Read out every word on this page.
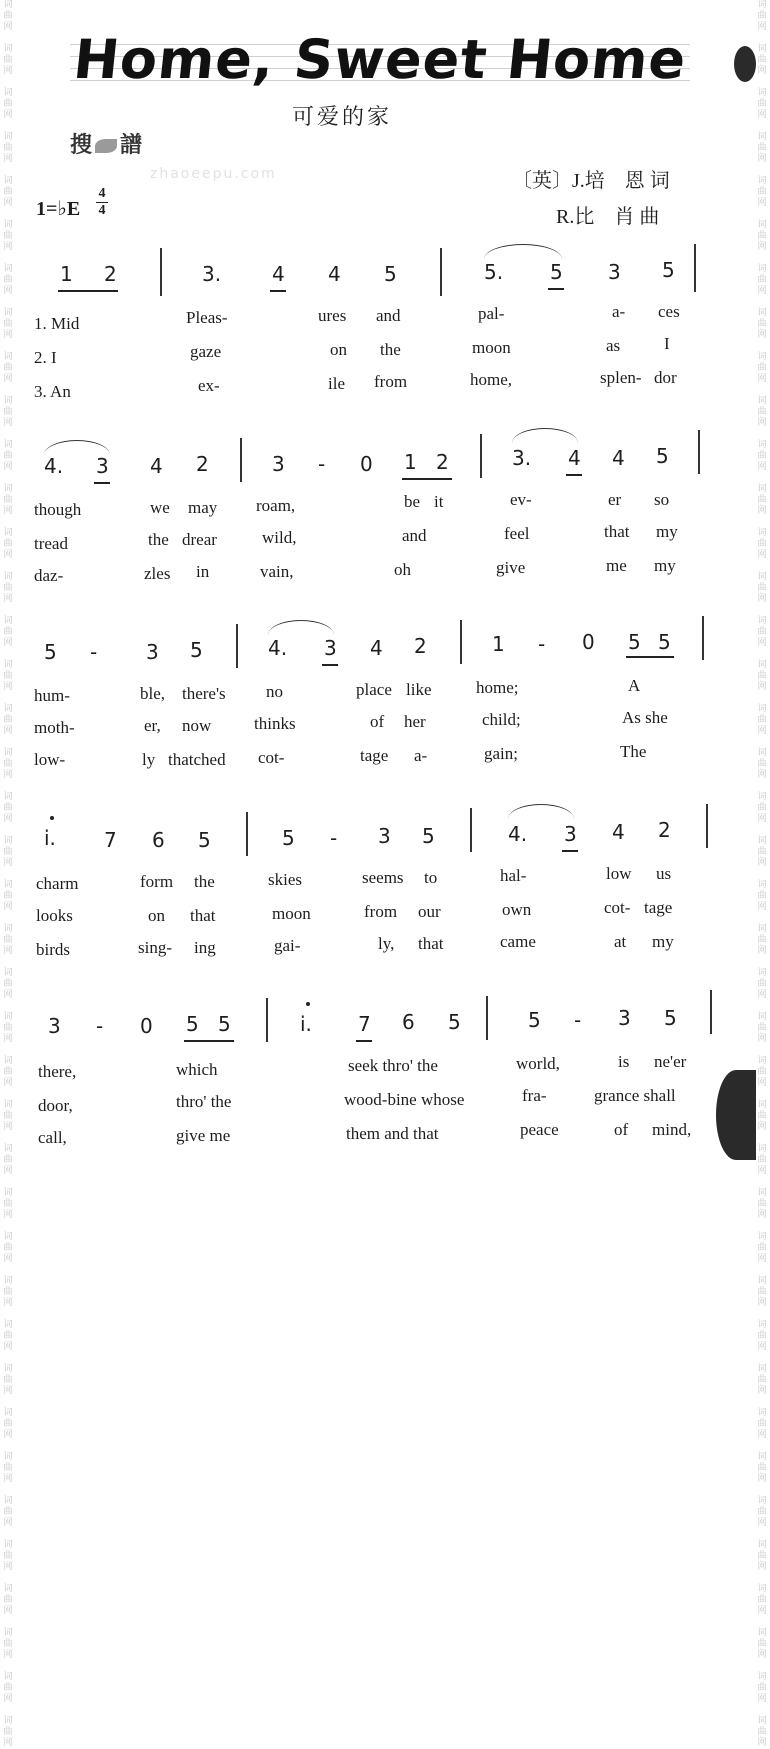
词
曲
网

词
曲
网

词
曲
网

词
曲
网

词
曲
网

词
曲
网

词
曲
网

词
曲
网

词
曲
网

词
曲
网

词
曲
网

词
曲
网

词
曲
网

词
曲
网

词
曲
网

词
曲
网

词
曲
网

词
曲
网

词
曲
网

词
曲
网

词
曲
网

词
曲
网

词
曲
网

词
曲
网

词
曲
网

词
曲
网

词
曲
网

词
曲
网

词
曲
网

词
曲
网

词
曲
网

词
曲
网

词
曲
网

词
曲
网

词
曲
网

词
曲
网

词
曲
网

词
曲
网

词
曲
网

词
曲
网

词
曲
网

词
曲
网

词
曲
网

词
曲
网

词
曲
网

词
曲
网

词
曲
网

词
曲
网

词
曲
网

词
曲
网

词
曲
网

词
曲
网

词
曲
网

词
曲
网

词
曲
网

词
曲
网

词
曲
网

词
曲
网

词
曲
网

词
曲
网

词
曲
网

词
曲
网

词
曲
网

词
曲
网

词
曲
网

词
曲
网

词
曲
网

词
曲
网

词
曲
网

词
曲
网

词
曲
网

词
曲
网

词
曲
网

词
曲
网

词
曲
网

词
曲
网

词
曲
网

词
曲
网

词
曲
网

词
曲
网

Home, Sweet Home
可爱的家
搜 譜
zhaoeepu.com	〔英〕J.培　恩 词
R.比　肖 曲
1=♭E
4
4
1 2	3.	4 4 5	5. 5 3 5
1. Mid	Pleas-	ures and	pal-	a- ces
2. I	gaze	on the	moon	as	I
3. An	ex-	ile from	home,	splen- dor
4. 3 4 2	3 - 0 1 2	3. 4 4 5
though	we may roam,	be it	ev-	er so
tread	the drear	wild,	and	feel	that my
daz-	zles in	vain,	oh	give	me my
5 - 3 5	4. 3 4 2	1 - 0 5 5
hum-	ble, there's no	place like	home;	A
moth-	er, now	thinks	of her	child;	As she
low-	ly thatched cot-	tage a-	gain;	The
i. 7 6 5	5 - 3 5	4. 3 4 2
charm	form the	skies	seems to	hal-	low us
looks	on that	moon	from our	own	cot- tage
birds	sing- ing	gai-	ly, that	came	at my
3 - 0 5 5	i. 7 6 5	5 - 3 5
there,	which	seek thro' the	world,	is ne'er
door,	thro' the	wood-bine whose	fra-	grance shall
call,	give me	them and that	peace	of mind,
